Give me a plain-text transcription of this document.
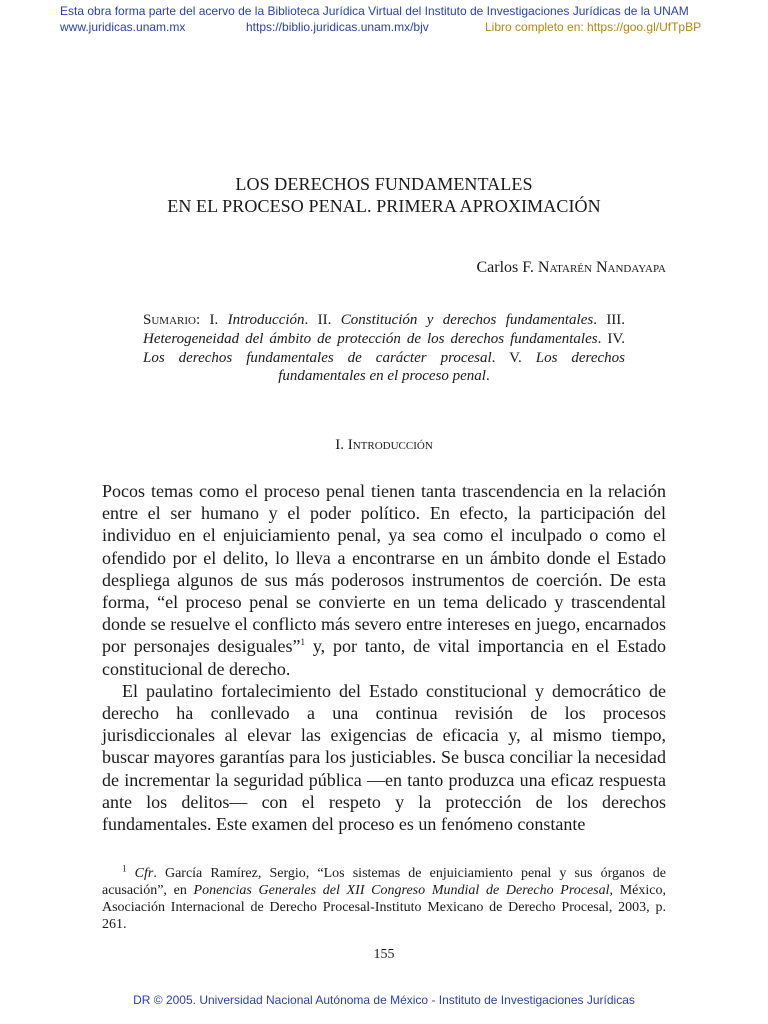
Esta obra forma parte del acervo de la Biblioteca Jurídica Virtual del Instituto de Investigaciones Jurídicas de la UNAM
www.juridicas.unam.mx	https://biblio.juridicas.unam.mx/bjv	Libro completo en: https://goo.gl/UfTpBP
LOS DERECHOS FUNDAMENTALES
EN EL PROCESO PENAL. PRIMERA APROXIMACIÓN
Carlos F. Natarén Nandayapa
Sumario: I. Introducción. II. Constitución y derechos fundamentales. III. Heterogeneidad del ámbito de protección de los derechos fundamentales. IV. Los derechos fundamentales de carácter procesal. V. Los derechos fundamentales en el proceso penal.
I. Introducción

Pocos temas como el proceso penal tienen tanta trascendencia en la relación entre el ser humano y el poder político. En efecto, la participación del individuo en el enjuiciamiento penal, ya sea como el inculpado o como el ofendido por el delito, lo lleva a encontrarse en un ámbito donde el Estado despliega algunos de sus más poderosos instrumentos de coerción. De esta forma, “el proceso penal se convierte en un tema delicado y trascendental donde se resuelve el conflicto más severo entre intereses en juego, encarnados por personajes desiguales”$^1$ y, por tanto, de vital importancia en el Estado constitucional de derecho.

El paulatino fortalecimiento del Estado constitucional y democrático de derecho ha conllevado a una continua revisión de los procesos jurisdiccionales al elevar las exigencias de eficacia y, al mismo tiempo, buscar mayores garantías para los justiciables. Se busca conciliar la necesidad de incrementar la seguridad pública —en tanto produzca una eficaz respuesta ante los delitos— con el respeto y la protección de los derechos fundamentales. Este examen del proceso es un fenómeno constante

$^1$ Cfr. García Ramírez, Sergio, “Los sistemas de enjuiciamiento penal y sus órganos de acusación”, en Ponencias Generales del XII Congreso Mundial de Derecho Procesal, México, Asociación Internacional de Derecho Procesal-Instituto Mexicano de Derecho Procesal, 2003, p. 261.
155
DR © 2005. Universidad Nacional Autónoma de México - Instituto de Investigaciones Jurídicas
